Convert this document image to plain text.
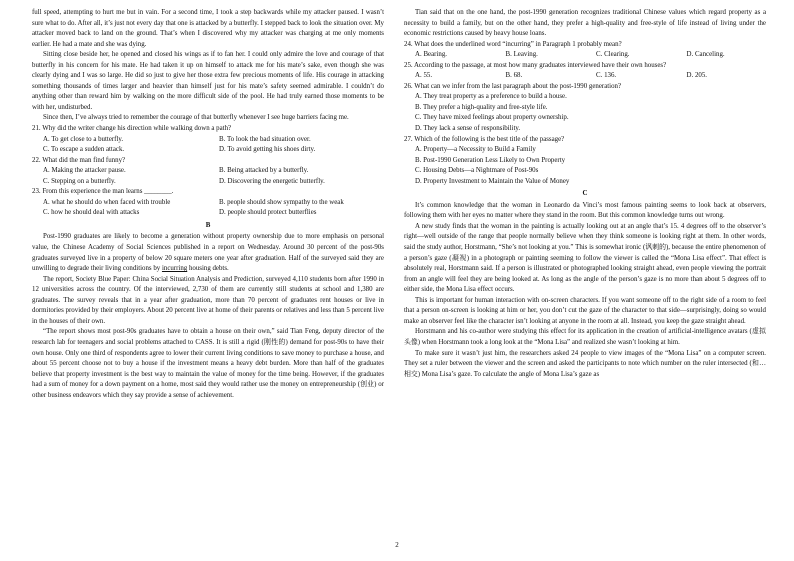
full speed, attempting to hurt me but in vain. For a second time, I took a step backwards while my attacker paused. I wasn’t sure what to do. After all, it’s just not every day that one is attacked by a butterfly. I stepped back to look the situation over. My attacker moved back to land on the ground. That’s when I discovered why my attacker was charging at me only moments earlier. He had a mate and she was dying.

Sitting close beside her, he opened and closed his wings as if to fan her. I could only admire the love and courage of that butterfly in his concern for his mate. He had taken it up on himself to attack me for his mate’s sake, even though she was clearly dying and I was so large. He did so just to give her those extra few precious moments of life. His courage in attacking something thousands of times larger and heavier than himself just for his mate’s safety seemed admirable. I couldn’t do anything other than reward him by walking on the more difficult side of the pool. He had truly earned those moments to be with her, undisturbed.

Since then, I’ve always tried to remember the courage of that butterfly whenever I see huge barriers facing me.

21. Why did the writer change his direction while walking down a path?
A. To get close to a butterfly.	B. To look the bad situation over.
C. To escape a sudden attack.	D. To avoid getting his shoes dirty.
22. What did the man find funny?
A. Making the attacker pause.	B. Being attacked by a butterfly.
C. Stepping on a butterfly.	D. Discovering the energetic butterfly.
23. From this experience the man learns ________.
A. what he should do when faced with trouble	B. people should show sympathy to the weak
C. how he should deal with attacks	D. people should protect butterflies
B

Post-1990 graduates are likely to become a generation without property ownership due to more emphasis on personal value, the Chinese Academy of Social Sciences published in a report on Wednesday. Around 30 percent of the post-90s graduates surveyed live in a property of below 20 square meters one year after graduation. Half of the surveyed said they are unwilling to degrade their living conditions by incurring housing debts.

The report, Society Blue Paper: China Social Situation Analysis and Prediction, surveyed 4,110 students born after 1990 in 12 universities across the country. Of the interviewed, 2,730 of them are currently still students at school and 1,380 are graduates. The survey reveals that in a year after graduation, more than 70 percent of graduates rent houses or live in dormitories provided by their employers. About 20 percent live at home of their parents or relatives and less than 5 percent live in the houses of their own.

“The report shows most post-90s graduates have to obtain a house on their own,” said Tian Feng, deputy director of the research lab for teenagers and social problems attached to CASS. It is still a rigid (刚性的) demand for post-90s to have their own house. Only one third of respondents agree to lower their current living conditions to save money to purchase a house, and about 55 percent choose not to buy a house if the investment means a heavy debt burden. More than half of the graduates believe that property investment is the best way to maintain the value of money for the time being. However, if the graduates had a sum of money for a down payment on a home, most said they would rather use the money on entrepreneurship (创业) or other business endeavors which they say provide a sense of achievement.

Tian said that on the one hand, the post-1990 generation recognizes traditional Chinese values which regard property as a necessity to build a family, but on the other hand, they prefer a high-quality and free-style of life instead of living under the economic restrictions caused by heavy house loans.

24. What does the underlined word “incurring” in Paragraph 1 probably mean?
A. Bearing.	B. Leaving.	C. Clearing.	D. Canceling.
25. According to the passage, at most how many graduates interviewed have their own houses?
A. 55.	B. 68.	C. 136.	D. 205.
26. What can we infer from the last paragraph about the post-1990 generation?
A. They treat property as a preference to build a house.
B. They prefer a high-quality and free-style life.
C. They have mixed feelings about property ownership.
D. They lack a sense of responsibility.
27. Which of the following is the best title of the passage?
A. Property—a Necessity to Build a Family
B. Post-1990 Generation Less Likely to Own Property
C. Housing Debts—a Nightmare of Post-90s
D. Property Investment to Maintain the Value of Money
C

It’s common knowledge that the woman in Leonardo da Vinci’s most famous painting seems to look back at observers, following them with her eyes no matter where they stand in the room. But this common knowledge turns out wrong.

A new study finds that the woman in the painting is actually looking out at an angle that’s 15. 4 degrees off to the observer’s right—well outside of the range that people normally believe when they think someone is looking right at them. In other words, said the study author, Horstmann, “She’s not looking at you.” This is somewhat ironic (讽刺的), because the entire phenomenon of a person’s gaze (凝视) in a photograph or painting seeming to follow the viewer is called the “Mona Lisa effect”. That effect is absolutely real, Horstmann said. If a person is illustrated or photographed looking straight ahead, even people viewing the portrait from an angle will feel they are being looked at. As long as the angle of the person’s gaze is no more than about 5 degrees off to either side, the Mona Lisa effect occurs.

This is important for human interaction with on-screen characters. If you want someone off to the right side of a room to feel that a person on-screen is looking at him or her, you don’t cut the gaze of the character to that side—surprisingly, doing so would make an observer feel like the character isn’t looking at anyone in the room at all. Instead, you keep the gaze straight ahead.

Horstmann and his co-author were studying this effect for its application in the creation of artificial-intelligence avatars (虚拟头像) when Horstmann took a long look at the “Mona Lisa” and realized she wasn’t looking at him.

To make sure it wasn’t just him, the researchers asked 24 people to view images of the “Mona Lisa” on a computer screen. They set a ruler between the viewer and the screen and asked the participants to note which number on the ruler intersected (和…相交) Mona Lisa’s gaze. To calculate the angle of Mona Lisa’s gaze as

2
